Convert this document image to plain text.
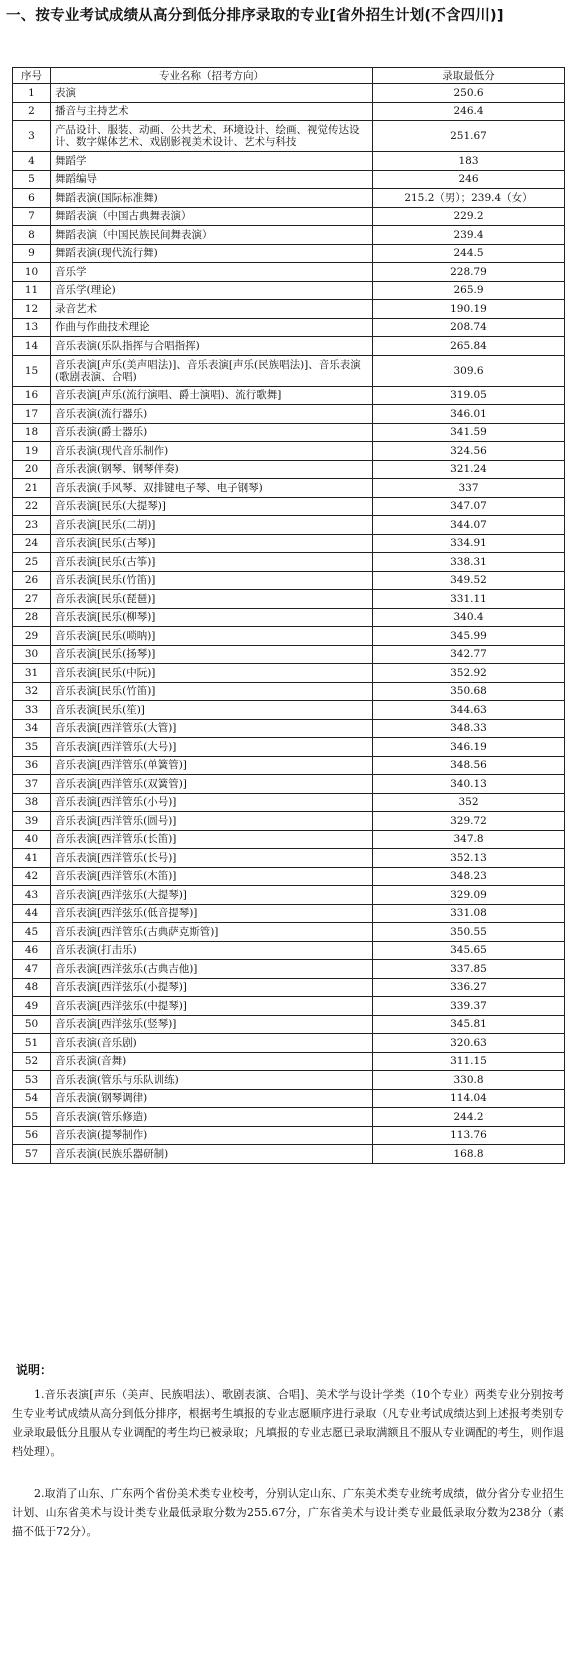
一、按专业考试成绩从高分到低分排序录取的专业[省外招生计划(不含四川)]
序号	专业名称（招考方向）	录取最低分
1	表演	250.6
2	播音与主持艺术	246.4
3	产品设计、服装、动画、公共艺术、环境设计、绘画、视觉传达设计、数字媒体艺术、戏剧影视美术设计、艺术与科技	251.67
4	舞蹈学	183
5	舞蹈编导	246
6	舞蹈表演(国际标准舞)	215.2（男）；239.4（女）
7	舞蹈表演（中国古典舞表演）	229.2
8	舞蹈表演（中国民族民间舞表演）	239.4
9	舞蹈表演(现代流行舞)	244.5
10	音乐学	228.79
11	音乐学(理论)	265.9
12	录音艺术	190.19
13	作曲与作曲技术理论	208.74
14	音乐表演(乐队指挥与合唱指挥)	265.84
15	音乐表演[声乐(美声唱法)]、音乐表演[声乐(民族唱法)]、音乐表演(歌剧表演、合唱)	309.6
16	音乐表演[声乐(流行演唱、爵士演唱)、流行歌舞]	319.05
17	音乐表演(流行器乐)	346.01
18	音乐表演(爵士器乐)	341.59
19	音乐表演(现代音乐制作)	324.56
20	音乐表演(钢琴、钢琴伴奏)	321.24
21	音乐表演(手风琴、双排键电子琴、电子钢琴)	337
22	音乐表演[民乐(大提琴)]	347.07
23	音乐表演[民乐(二胡)]	344.07
24	音乐表演[民乐(古琴)]	334.91
25	音乐表演[民乐(古筝)]	338.31
26	音乐表演[民乐(竹笛)]	349.52
27	音乐表演[民乐(琵琶)]	331.11
28	音乐表演[民乐(柳琴)]	340.4
29	音乐表演[民乐(唢呐)]	345.99
30	音乐表演[民乐(扬琴)]	342.77
31	音乐表演[民乐(中阮)]	352.92
32	音乐表演[民乐(竹笛)]	350.68
33	音乐表演[民乐(笙)]	344.63
34	音乐表演[西洋管乐(大管)]	348.33
35	音乐表演[西洋管乐(大号)]	346.19
36	音乐表演[西洋管乐(单簧管)]	348.56
37	音乐表演[西洋管乐(双簧管)]	340.13
38	音乐表演[西洋管乐(小号)]	352
39	音乐表演[西洋管乐(圆号)]	329.72
40	音乐表演[西洋管乐(长笛)]	347.8
41	音乐表演[西洋管乐(长号)]	352.13
42	音乐表演[西洋管乐(木笛)]	348.23
43	音乐表演[西洋弦乐(大提琴)]	329.09
44	音乐表演[西洋弦乐(低音提琴)]	331.08
45	音乐表演[西洋管乐(古典萨克斯管)]	350.55
46	音乐表演(打击乐)	345.65
47	音乐表演[西洋弦乐(古典吉他)]	337.85
48	音乐表演[西洋弦乐(小提琴)]	336.27
49	音乐表演[西洋弦乐(中提琴)]	339.37
50	音乐表演[西洋弦乐(竖琴)]	345.81
51	音乐表演(音乐剧)	320.63
52	音乐表演(音舞)	311.15
53	音乐表演(管乐与乐队训练)	330.8
54	音乐表演(钢琴调律)	114.04
55	音乐表演(管乐修造)	244.2
56	音乐表演(提琴制作)	113.76
57	音乐表演(民族乐器研制)	168.8
说明：

1.音乐表演[声乐（美声、民族唱法）、歌剧表演、合唱]、美术学与设计学类（10个专业）两类专业分别按考生专业考试成绩从高分到低分排序，根据考生填报的专业志愿顺序进行录取（凡专业考试成绩达到上述报考类别专业录取最低分且服从专业调配的考生均已被录取；凡填报的专业志愿已录取满额且不服从专业调配的考生，则作退档处理）。

2.取消了山东、广东两个省份美术类专业校考，分别认定山东、广东美术类专业统考成绩，做分省分专业招生计划、山东省美术与设计类专业最低录取分数为255.67分，广东省美术与设计类专业最低录取分数为238分（素描不低于72分）。
